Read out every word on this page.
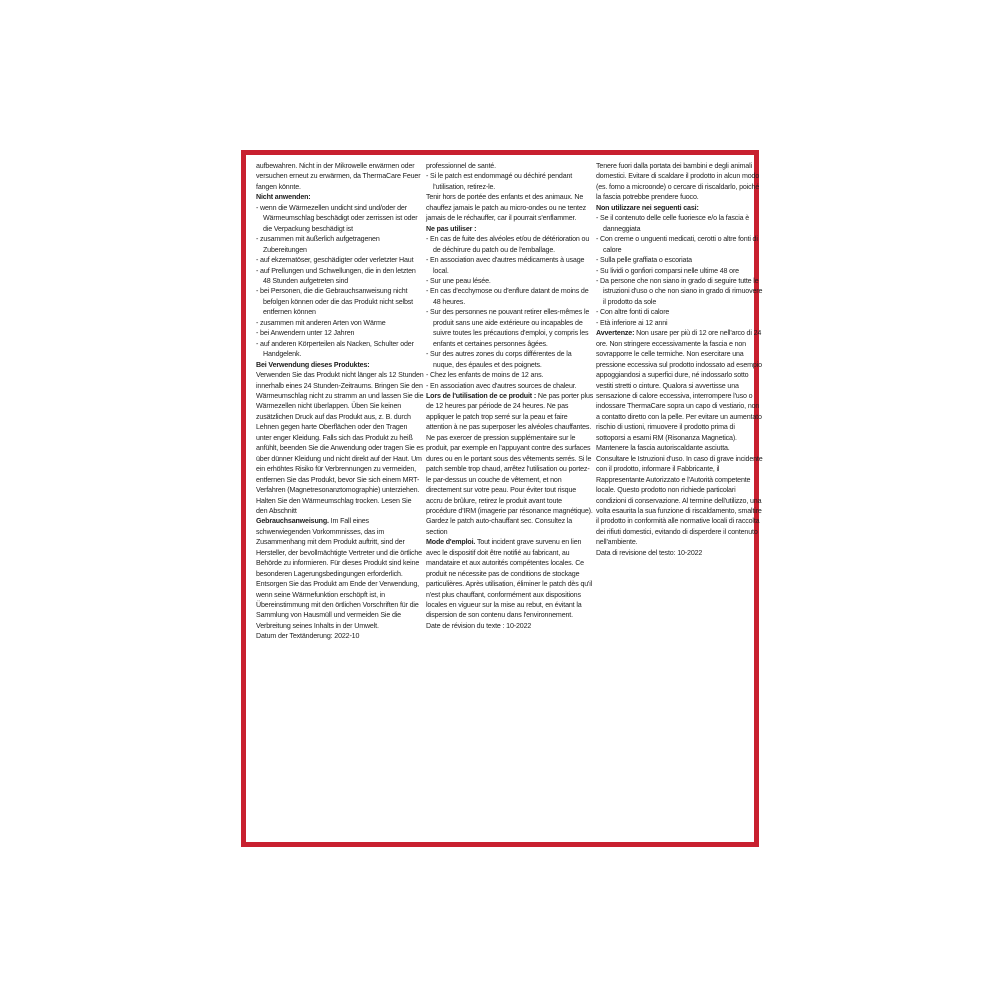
aufbewahren. Nicht in der Mikrowelle erwärmen oder versuchen erneut zu erwärmen, da ThermaCare Feuer fangen könnte.

Nicht anwenden:

- wenn die Wärmezellen undicht sind und/oder der Wärmeumschlag beschädigt oder zerrissen ist oder die Verpackung beschädigt ist

- zusammen mit äußerlich aufgetragenen Zubereitungen

- auf ekzematöser, geschädigter oder verletzter Haut

- auf Prellungen und Schwellungen, die in den letzten 48 Stunden aufgetreten sind

- bei Personen, die die Gebrauchsanweisung nicht befolgen können oder die das Produkt nicht selbst entfernen können

- zusammen mit anderen Arten von Wärme

- bei Anwendern unter 12 Jahren

- auf anderen Körperteilen als Nacken, Schulter oder Handgelenk.

Bei Verwendung dieses Produktes:

Verwenden Sie das Produkt nicht länger als 12 Stunden innerhalb eines 24 Stunden-Zeitraums. Bringen Sie den Wärmeumschlag nicht zu stramm an und lassen Sie die Wärmezellen nicht überlappen. Üben Sie keinen zusätzlichen Druck auf das Produkt aus, z. B. durch Lehnen gegen harte Oberflächen oder den Tragen unter enger Kleidung. Falls sich das Produkt zu heiß anfühlt, beenden Sie die Anwendung oder tragen Sie es über dünner Kleidung und nicht direkt auf der Haut. Um ein erhöhtes Risiko für Verbrennungen zu vermeiden, entfernen Sie das Produkt, bevor Sie sich einem MRT-Verfahren (Magnetresonanztomographie) unterziehen. Halten Sie den Wärmeumschlag trocken. Lesen Sie den Abschnitt

Gebrauchsanweisung. Im Fall eines schwerwiegenden Vorkommnisses, das im Zusammenhang mit dem Produkt auftritt, sind der Hersteller, der bevollmächtigte Vertreter und die örtliche Behörde zu informieren. Für dieses Produkt sind keine besonderen Lagerungsbedingungen erforderlich. Entsorgen Sie das Produkt am Ende der Verwendung, wenn seine Wärmefunktion erschöpft ist, in Übereinstimmung mit den örtlichen Vorschriften für die Sammlung von Hausmüll und vermeiden Sie die Verbreitung seines Inhalts in der Umwelt.

Datum der Textänderung: 2022-10

professionnel de santé.

- Si le patch est endommagé ou déchiré pendant l'utilisation, retirez-le.

Tenir hors de portée des enfants et des animaux. Ne chauffez jamais le patch au micro-ondes ou ne tentez jamais de le réchauffer, car il pourrait s'enflammer.

Ne pas utiliser :

- En cas de fuite des alvéoles et/ou de détérioration ou de déchirure du patch ou de l'emballage.

- En association avec d'autres médicaments à usage local.

- Sur une peau lésée.

- En cas d'ecchymose ou d'enflure datant de moins de 48 heures.

- Sur des personnes ne pouvant retirer elles-mêmes le produit sans une aide extérieure ou incapables de suivre toutes les précautions d'emploi, y compris les enfants et certaines personnes âgées.

- Sur des autres zones du corps différentes de la nuque, des épaules et des poignets.

- Chez les enfants de moins de 12 ans.

- En association avec d'autres sources de chaleur.

Lors de l'utilisation de ce produit : Ne pas porter plus de 12 heures par période de 24 heures. Ne pas appliquer le patch trop serré sur la peau et faire attention à ne pas superposer les alvéoles chauffantes. Ne pas exercer de pression supplémentaire sur le produit, par exemple en l'appuyant contre des surfaces dures ou en le portant sous des vêtements serrés. Si le patch semble trop chaud, arrêtez l'utilisation ou portez-le par-dessus un couche de vêtement, et non directement sur votre peau. Pour éviter tout risque accru de brûlure, retirez le produit avant toute procédure d'IRM (imagerie par résonance magnétique). Gardez le patch auto-chauffant sec. Consultez la section

Mode d'emploi. Tout incident grave survenu en lien avec le dispositif doit être notifié au fabricant, au mandataire et aux autorités compétentes locales. Ce produit ne nécessite pas de conditions de stockage particulières. Après utilisation, éliminer le patch dès qu'il n'est plus chauffant, conformément aux dispositions locales en vigueur sur la mise au rebut, en évitant la dispersion de son contenu dans l'environnement.

Date de révision du texte : 10-2022

Tenere fuori dalla portata dei bambini e degli animali domestici. Evitare di scaldare il prodotto in alcun modo (es. forno a microonde) o cercare di riscaldarlo, poiché la fascia potrebbe prendere fuoco.

Non utilizzare nei seguenti casi:

- Se il contenuto delle celle fuoriesce e/o la fascia è danneggiata

- Con creme o unguenti medicati, cerotti o altre fonti di calore

- Sulla pelle graffiata o escoriata

- Su lividi o gonfiori comparsi nelle ultime 48 ore

- Da persone che non siano in grado di seguire tutte le istruzioni d'uso o che non siano in grado di rimuovere il prodotto da sole

- Con altre fonti di calore

- Età inferiore ai 12 anni

Avvertenze: Non usare per più di 12 ore nell'arco di 24 ore. Non stringere eccessivamente la fascia e non sovrapporre le celle termiche. Non esercitare una pressione eccessiva sul prodotto indossato ad esempio appoggiandosi a superfici dure, né indossarlo sotto vestiti stretti o cinture. Qualora si avvertisse una sensazione di calore eccessiva, interrompere l'uso o indossare ThermaCare sopra un capo di vestiario, non a contatto diretto con la pelle. Per evitare un aumentato rischio di ustioni, rimuovere il prodotto prima di sottoporsi a esami RM (Risonanza Magnetica). Mantenere la fascia autoriscaldante asciutta. Consultare le Istruzioni d'uso. In caso di grave incidente con il prodotto, informare il Fabbricante, il Rappresentante Autorizzato e l'Autorità competente locale. Questo prodotto non richiede particolari condizioni di conservazione. Al termine dell'utilizzo, una volta esaurita la sua funzione di riscaldamento, smaltire il prodotto in conformità alle normative locali di raccolta dei rifiuti domestici, evitando di disperdere il contenuto nell'ambiente.

Data di revisione del testo: 10-2022
